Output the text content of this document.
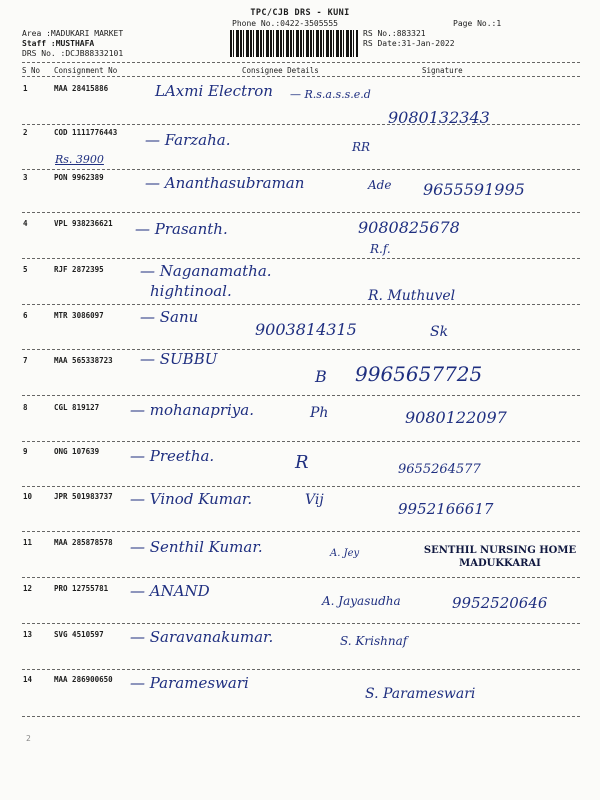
TPC/CJB DRS - KUNI
Phone No.:0422-3505555	Page No.:1
Area :MADUKARI MARKET
Staff :MUSTHAFA
DRS No. :DCJB88332101
RS No.:883321
RS Date:31-Jan-2022
S No Consignment No	Consignee Details	Signature
1	MAA 28415886	LAxmi Electron — R.s.a.s.s.e.d
9080132343
2	COD 1111776443 — Farzaha.
Rs. 3900
RR
3	PON 9962389	— Ananthasubraman	Ade 9655591995
4	VPL 938236621 — Prasanth.	9080825678
R.f.
5	RJF 2872395 — Naganamatha.
hightinoal.	R. Muthuvel
6	MTR 3086097 — Sanu
9003814315	Sk
7	MAA 565338723 — SUBBU
B 9965657725
8	CGL 819127 — mohanapriya.	Ph	9080122097
9	ONG 107639 — Preetha.	R	9655264577
10	JPR 501983737 — Vinod Kumar.	Vij	9952166617
11	MAA 285878578 — Senthil Kumar.	A. Jey	SENTHIL NURSING HOME
MADUKKARAI
12	PRO 12755781 — ANAND
A. Jayasudha	9952520646
13	SVG 4510597 — Saravanakumar.	S. Krishnaf
14	MAA 286900650 — Parameswari
S. Parameswari
2
